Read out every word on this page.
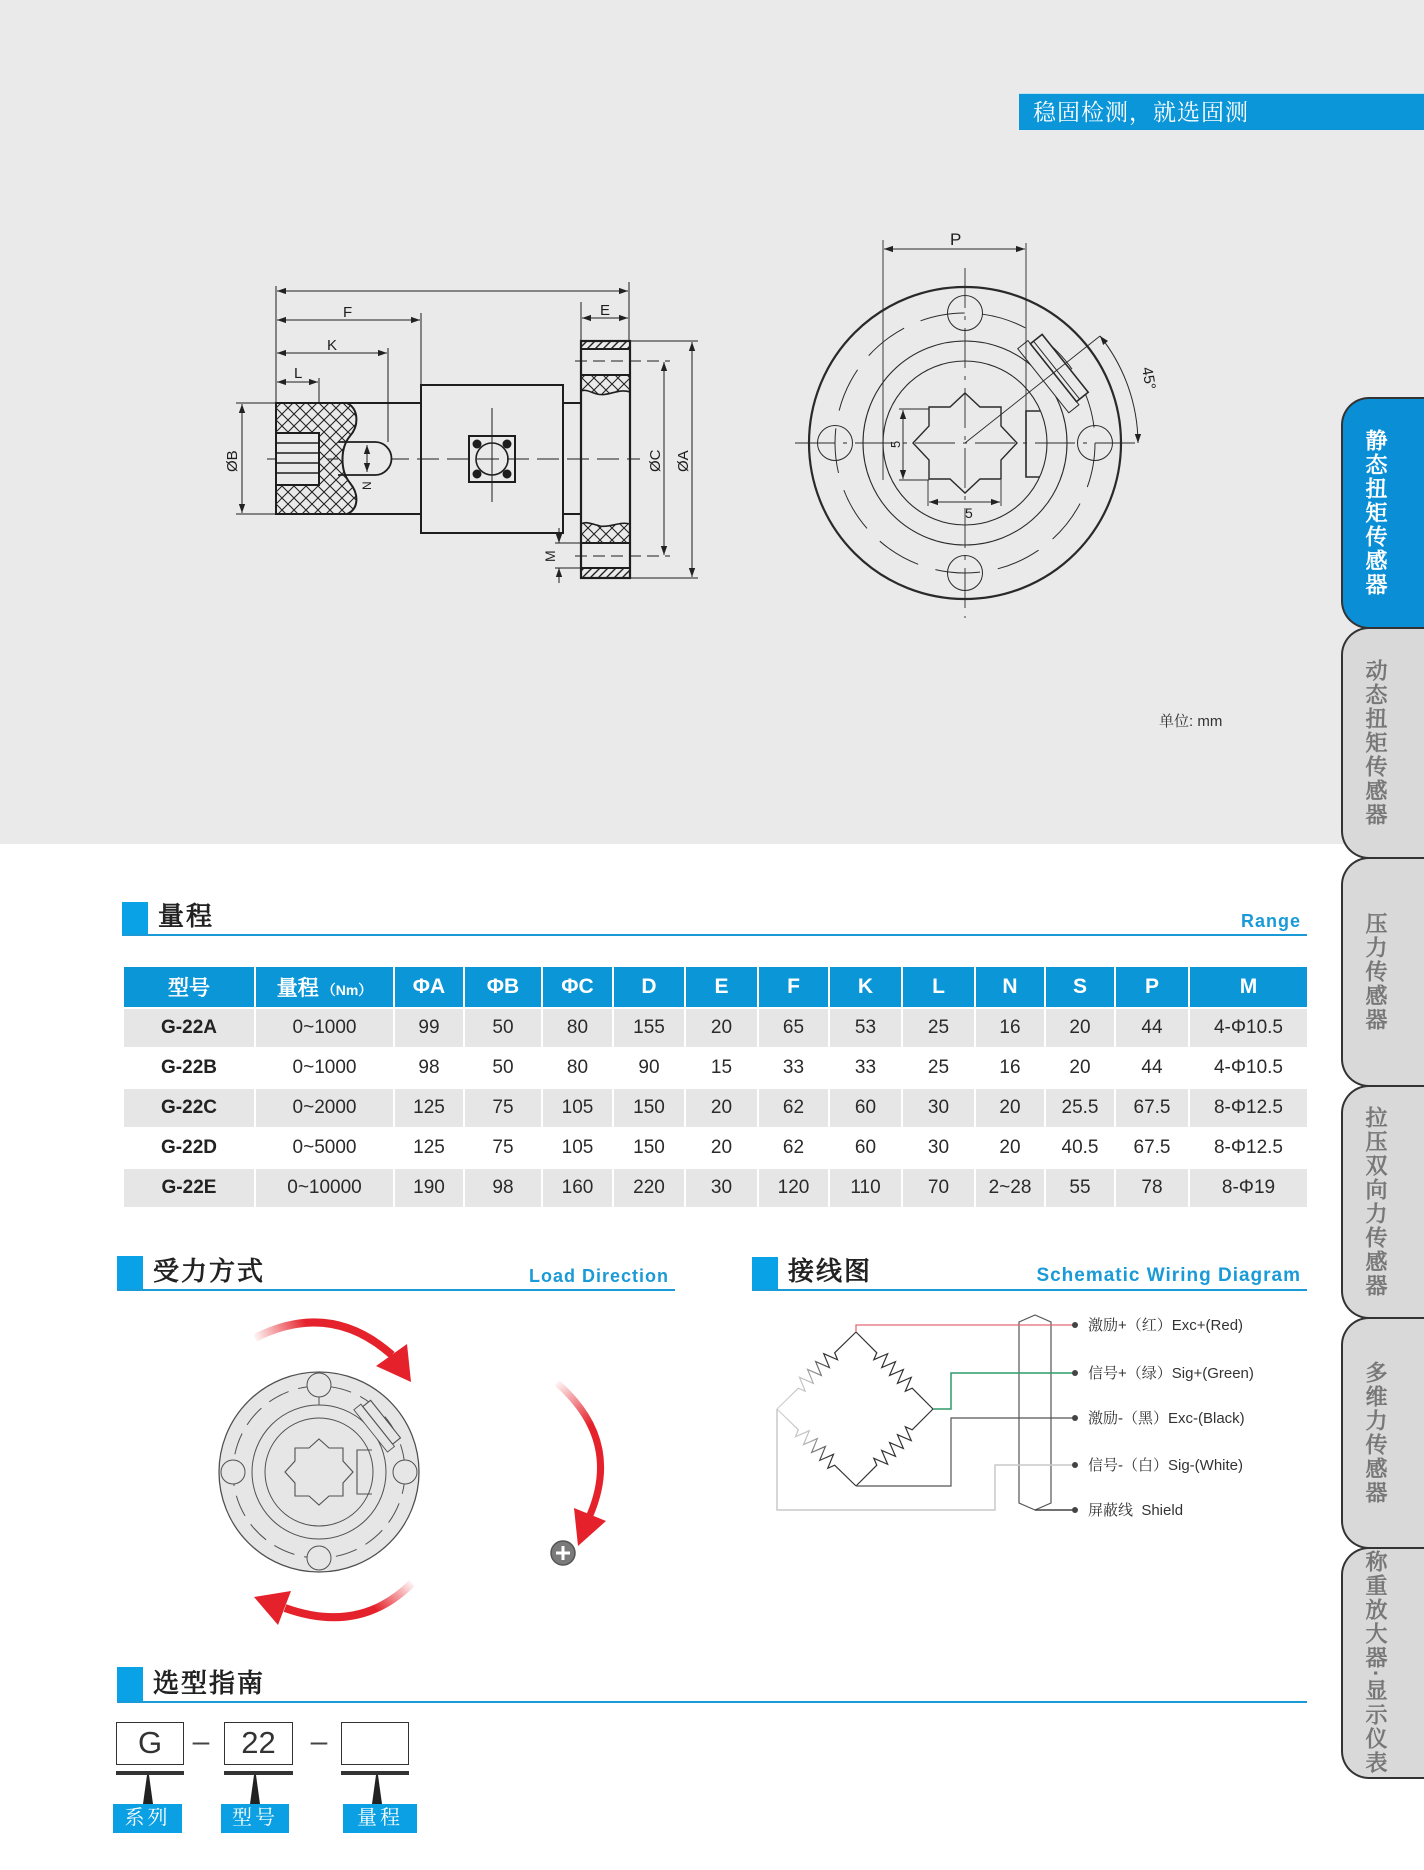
稳固检测，就选固测
单位: mm
静态扭矩传感器
动态扭矩传感器
压力传感器
拉压双向力传感器
多维力传感器
称重放大器·显示仪表
量程	Range
型号	量程 （Nm）	ΦA	ΦB	ΦC	D	E	F	K	L	N	S	P	M
G-22A	0~1000	99	50	80	155	20	65	53	25	16	20	44	4-Φ10.5
G-22B	0~1000	98	50	80	90	15	33	33	25	16	20	44	4-Φ10.5
G-22C	0~2000	125	75	105	150	20	62	60	30	20	25.5	67.5	8-Φ12.5
G-22D	0~5000	125	75	105	150	20	62	60	30	20	40.5	67.5	8-Φ12.5
G-22E	0~10000	190	98	160	220	30	120	110	70	2~28	55	78	8-Φ19
受力方式	Load Direction	接线图	Schematic Wiring Diagram
选型指南
G	–	22	–
系列	型号	量程
F
K
L
E
ØB	ØC ØA
N
M
P
45°
5
5
激励+（红）Exc+(Red)
信号+（绿）Sig+(Green)
激励-（黑）Exc-(Black)
信号-（白）Sig-(White)
屏蔽线  Shield
